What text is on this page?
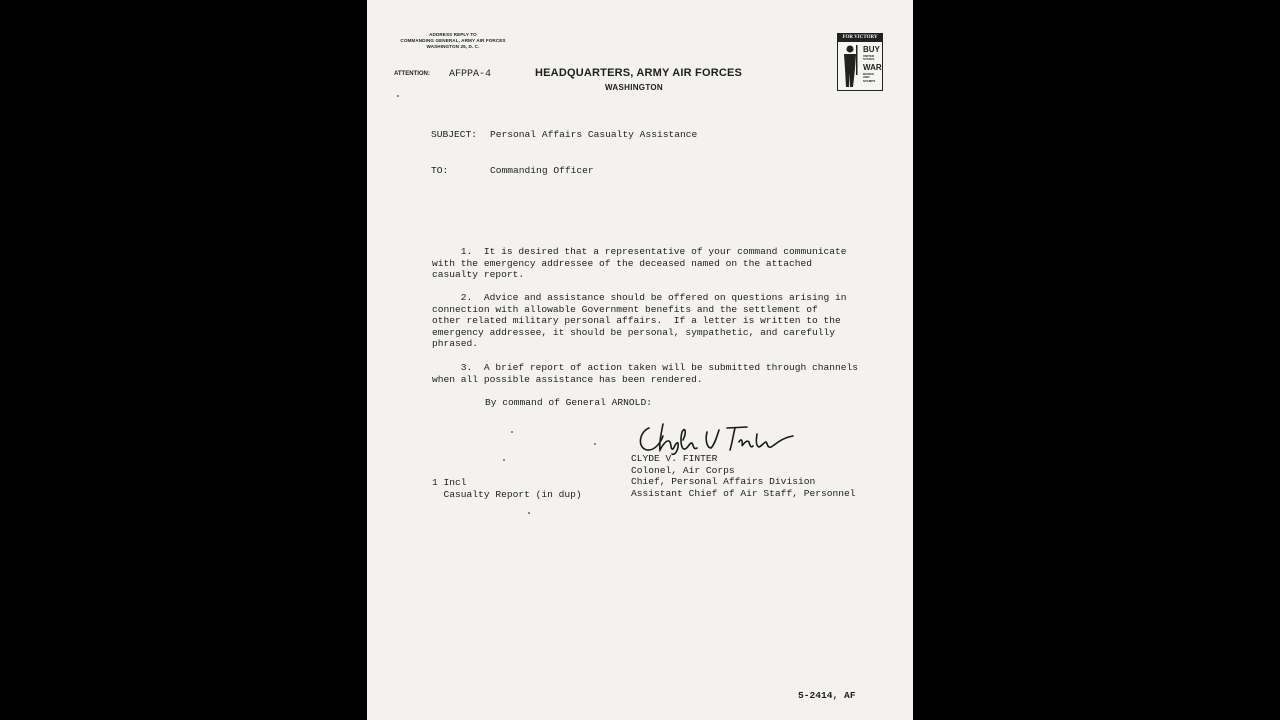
ADDRESS REPLY TO
COMMANDING GENERAL, ARMY AIR FORCES
WASHINGTON 25, D. C.
ATTENTION: AFPPA-4	HEADQUARTERS, ARMY AIR FORCES
WASHINGTON
FOR VICTORY
BUY
UNITED STATES
WAR
BONDS AND STAMPS
SUBJECT: Personal Affairs Casualty Assistance
TO:	Commanding Officer
1.  It is desired that a representative of your command communicate
with the emergency addressee of the deceased named on the attached
casualty report.
2.  Advice and assistance should be offered on questions arising in
connection with allowable Government benefits and the settlement of
other related military personal affairs.  If a letter is written to the
emergency addressee, it should be personal, sympathetic, and carefully
phrased.
3.  A brief report of action taken will be submitted through channels
when all possible assistance has been rendered.
By command of General ARNOLD:
CLYDE V. FINTER
Colonel, Air Corps
Chief, Personal Affairs Division
Assistant Chief of Air Staff, Personnel
1 Incl
Casualty Report (in dup)
5-2414, AF
